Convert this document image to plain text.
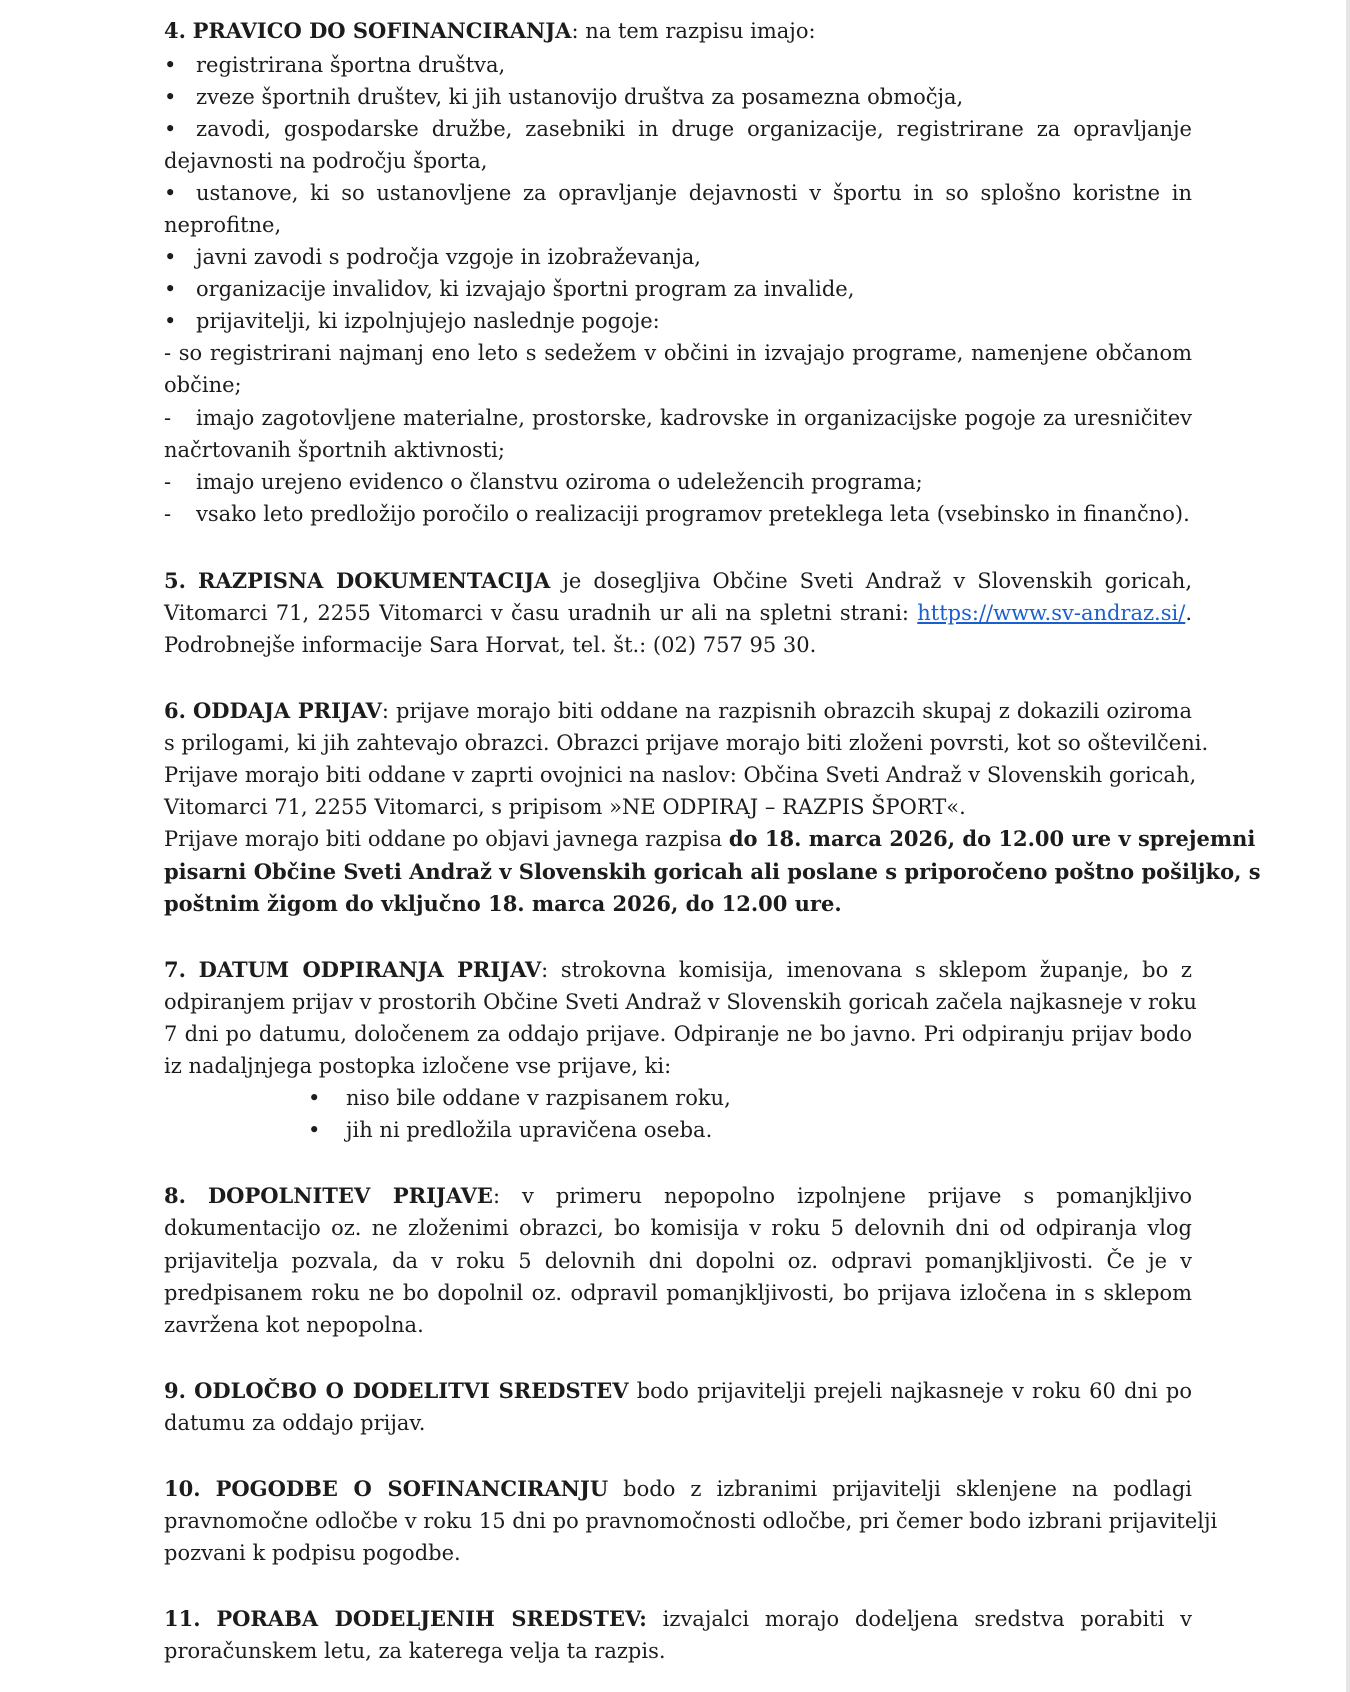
4. PRAVICO DO SOFINANCIRANJA: na tem razpisu imajo:
• registrirana športna društva,
• zveze športnih društev, ki jih ustanovijo društva za posamezna območja,
• zavodi, gospodarske družbe, zasebniki in druge organizacije, registrirane za opravljanje
dejavnosti na področju športa,
• ustanove, ki so ustanovljene za opravljanje dejavnosti v športu in so splošno koristne in
neprofitne,
• javni zavodi s področja vzgoje in izobraževanja,
• organizacije invalidov, ki izvajajo športni program za invalide,
• prijavitelji, ki izpolnjujejo naslednje pogoje:
- so registrirani najmanj eno leto s sedežem v občini in izvajajo programe, namenjene občanom
občine;
- imajo zagotovljene materialne, prostorske, kadrovske in organizacijske pogoje za uresničitev
načrtovanih športnih aktivnosti;
- imajo urejeno evidenco o članstvu oziroma o udeležencih programa;
- vsako leto predložijo poročilo o realizaciji programov preteklega leta (vsebinsko in finančno).
5. RAZPISNA DOKUMENTACIJA je dosegljiva Občine Sveti Andraž v Slovenskih goricah,
Vitomarci 71, 2255 Vitomarci v času uradnih ur ali na spletni strani: https://www.sv-andraz.si/.
Podrobnejše informacije Sara Horvat, tel. št.: (02) 757 95 30.
6. ODDAJA PRIJAV: prijave morajo biti oddane na razpisnih obrazcih skupaj z dokazili oziroma
s prilogami, ki jih zahtevajo obrazci. Obrazci prijave morajo biti zloženi povrsti, kot so oštevilčeni.
Prijave morajo biti oddane v zaprti ovojnici na naslov: Občina Sveti Andraž v Slovenskih goricah,
Vitomarci 71, 2255 Vitomarci, s pripisom »NE ODPIRAJ – RAZPIS ŠPORT«.
Prijave morajo biti oddane po objavi javnega razpisa do 18. marca 2026, do 12.00 ure v sprejemni
pisarni Občine Sveti Andraž v Slovenskih goricah ali poslane s priporočeno poštno pošiljko, s
poštnim žigom do vključno 18. marca 2026, do 12.00 ure.
7. DATUM ODPIRANJA PRIJAV: strokovna komisija, imenovana s sklepom županje, bo z
odpiranjem prijav v prostorih Občine Sveti Andraž v Slovenskih goricah začela najkasneje v roku
7 dni po datumu, določenem za oddajo prijave. Odpiranje ne bo javno. Pri odpiranju prijav bodo
iz nadaljnjega postopka izločene vse prijave, ki:
• niso bile oddane v razpisanem roku,
• jih ni predložila upravičena oseba.
8. DOPOLNITEV PRIJAVE: v primeru nepopolno izpolnjene prijave s pomanjkljivo
dokumentacijo oz. ne zloženimi obrazci, bo komisija v roku 5 delovnih dni od odpiranja vlog
prijavitelja pozvala, da v roku 5 delovnih dni dopolni oz. odpravi pomanjkljivosti. Če je v
predpisanem roku ne bo dopolnil oz. odpravil pomanjkljivosti, bo prijava izločena in s sklepom
zavržena kot nepopolna.
9. ODLOČBO O DODELITVI SREDSTEV bodo prijavitelji prejeli najkasneje v roku 60 dni po
datumu za oddajo prijav.
10. POGODBE O SOFINANCIRANJU bodo z izbranimi prijavitelji sklenjene na podlagi
pravnomočne odločbe v roku 15 dni po pravnomočnosti odločbe, pri čemer bodo izbrani prijavitelji
pozvani k podpisu pogodbe.
11. PORABA DODELJENIH SREDSTEV: izvajalci morajo dodeljena sredstva porabiti v
proračunskem letu, za katerega velja ta razpis.
